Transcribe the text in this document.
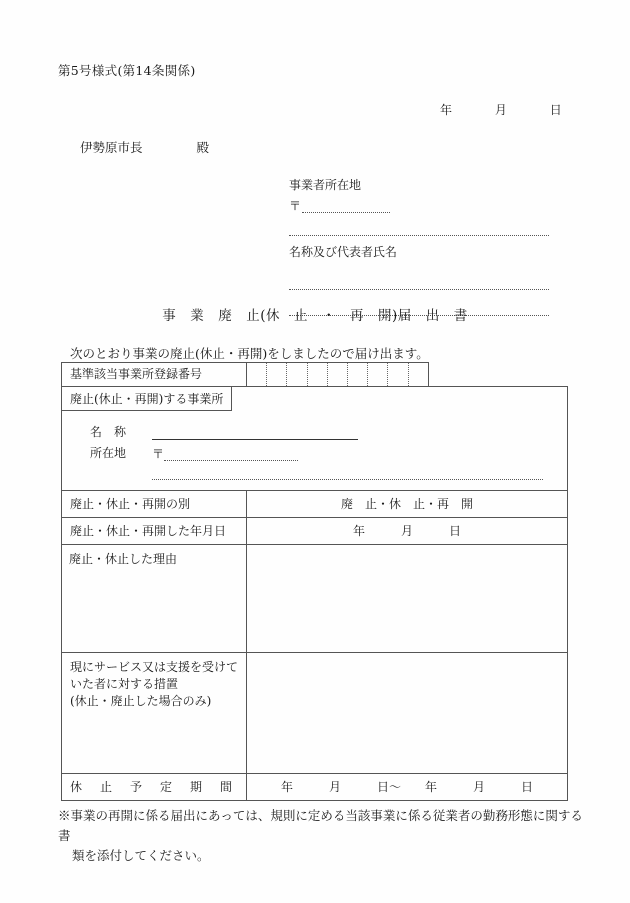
第5号様式(第14条関係)
年	月	日
伊勢原市長	殿
事業者所在地
〒
名称及び代表者氏名
事　業　廃　止(休　止　・　再　開)届　出　書
次のとおり事業の廃止(休止・再開)をしましたので届け出ます。
基準該当事業所登録番号		

廃止(休止・再開)する事業所
名　称
所在地 〒		

廃止・休止・再開の別	廃　止・休　止・再　開	

廃止・休止・再開した年月日	年　　　月　　　日	

廃止・休止した理由		

現にサービス又は支援を受けて
いた者に対する措置
(休止・廃止した場合のみ)		

休　止　予　定　期　間	年　　　月　　　日〜　　年　　　月　　　日	
※事業の再開に係る届出にあっては、規則に定める当該事業に係る従業者の勤務形態に関する書
類を添付してください。
